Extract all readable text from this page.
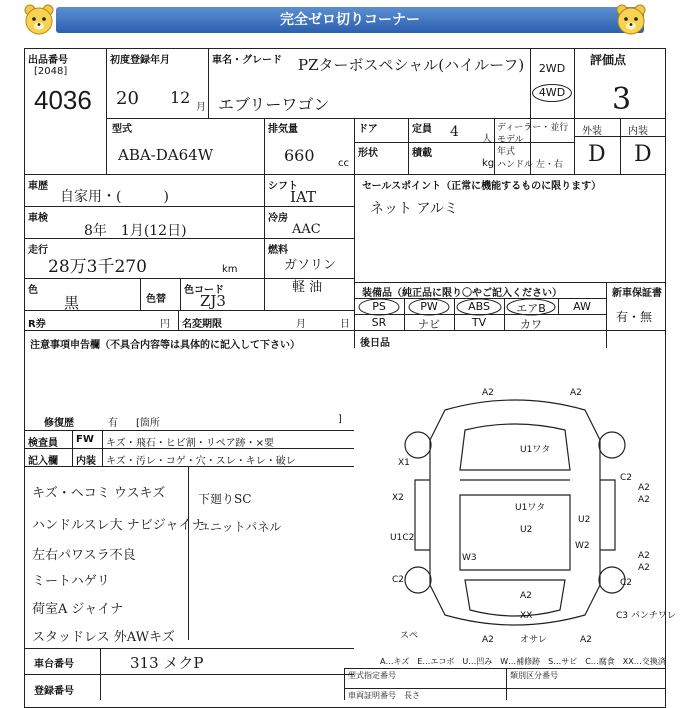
完全ゼロ切りコーナー
出品番号
[2048]
4036
初度登録年月
20 12
月
車名・グレード PZターボスペシャル(ハイルーフ)
エブリーワゴン
2WD
4WD
評価点
3
外装	内装
D D
型式
ABA-DA64W
排気量
660 cc
ドア	定員 4 人
ディーラー・並行
モデル
年式
ハンドル 左・右
形状	積載
kg
車歴
自家用・(　　　)
シフト
IAT
車検
8年　1月(12日)
冷房
AAC
走行
28万3千270	km
燃料
ガソリン
軽 油
色
黒	色替
色コード
ZJ3
セールスポイント（正常に機能するものに限ります）
ネット アルミ
装備品（純正品に限り〇やご記入ください）	新車保証書
有・無
PS	PW	ABS	エアB	AW
SR	ナビ	TV	カワ
R券	円 名変期限	月	日
後日品
注意事項申告欄（不具合内容等は具体的に記入して下さい）
修復歴	有 [箇所	]
検査員 FW キズ・飛石・ヒビ割・リペア跡・×要
記入欄 内装 キズ・汚レ・コゲ・穴・スレ・キレ・破レ
キズ・ヘコミ ウスキズ
ハンドルスレ大 ナビジャイナ
左右パワスラ不良
ミートハゲリ
荷室A ジャイナ
スタッドレス 外AWキズ
下廻りSC
ユニットパネル
A2	A2
U1ワタ
U1ワタ
U2
W3
U1C2
X2
C2
A2
A2
C2	C2
A2
XX	C3 パンチワレ
A2	オサレ	A2
スペ
W2
A2
X1
A2
U2
A…キズ　E…エコボ　U…凹み　W…補修跡　S…サビ　C…腐食　XX…交換済
車台番号	313 メクP
登録番号
型式指定番号	類別区分番号
車両証明番号 長さ
